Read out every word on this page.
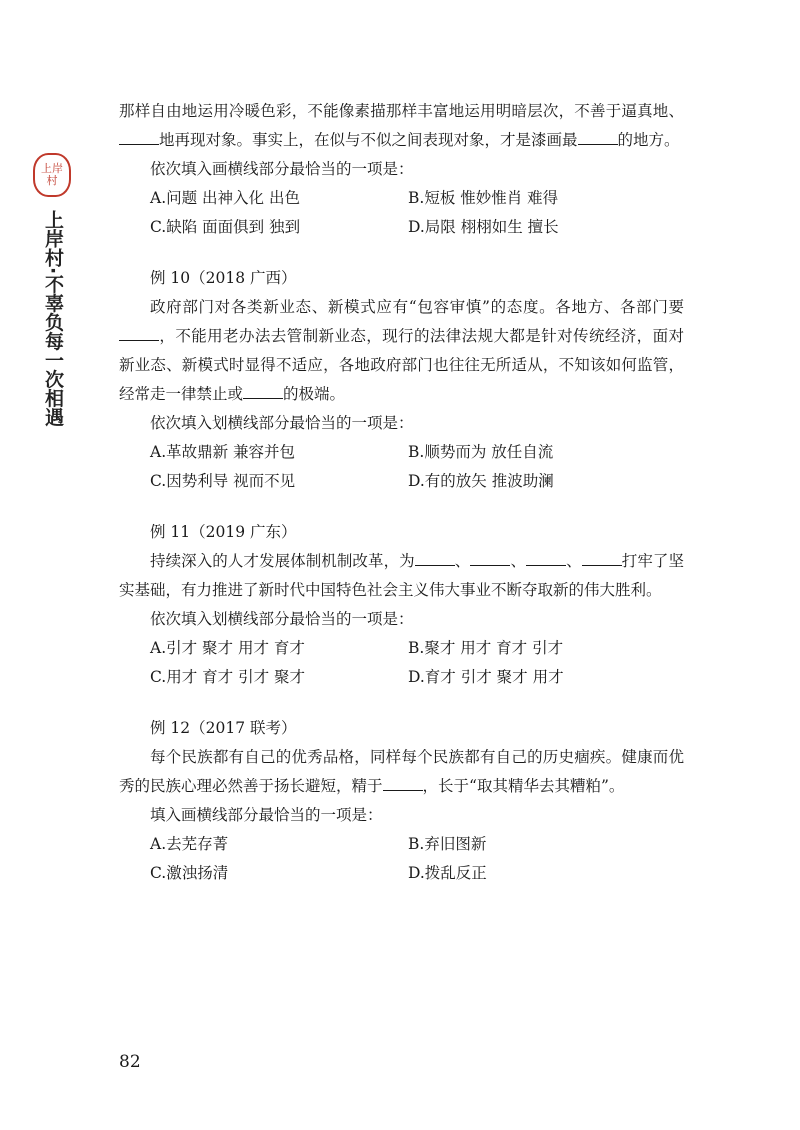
上岸村
上岸村·不辜负每一次相遇

那样自由地运用冷暖色彩，不能像素描那样丰富地运用明暗层次，不善于逼真地、地再现对象。事实上，在似与不似之间表现对象，才是漆画最	的地方。

依次填入画横线部分最恰当的一项是：

A.问题 出神入化 出色	B.短板 惟妙惟肖 难得
C.缺陷 面面俱到 独到	D.局限 栩栩如生 擅长

例 10（2018 广西）

政府部门对各类新业态、新模式应有“包容审慎”的态度。各地方、各部门要，不能用老办法去管制新业态，现行的法律法规大都是针对传统经济，面对新业态、新模式时显得不适应，各地政府部门也往往无所适从，不知该如何监管，经常走一律禁止或	的极端。

依次填入划横线部分最恰当的一项是：

A.革故鼎新 兼容并包	B.顺势而为 放任自流
C.因势利导 视而不见	D.有的放矢 推波助澜

例 11（2019 广东）

持续深入的人才发展体制机制改革，为	、	、	、	打牢了坚实基础，有力推进了新时代中国特色社会主义伟大事业不断夺取新的伟大胜利。

依次填入划横线部分最恰当的一项是：

A.引才 聚才 用才 育才	B.聚才 用才 育才 引才
C.用才 育才 引才 聚才	D.育才 引才 聚才 用才

例 12（2017 联考）

每个民族都有自己的优秀品格，同样每个民族都有自己的历史痼疾。健康而优秀的民族心理必然善于扬长避短，精于	，长于“取其精华去其糟粕”。

填入画横线部分最恰当的一项是：

A.去芜存菁	B.弃旧图新
C.激浊扬清	D.拨乱反正
82
